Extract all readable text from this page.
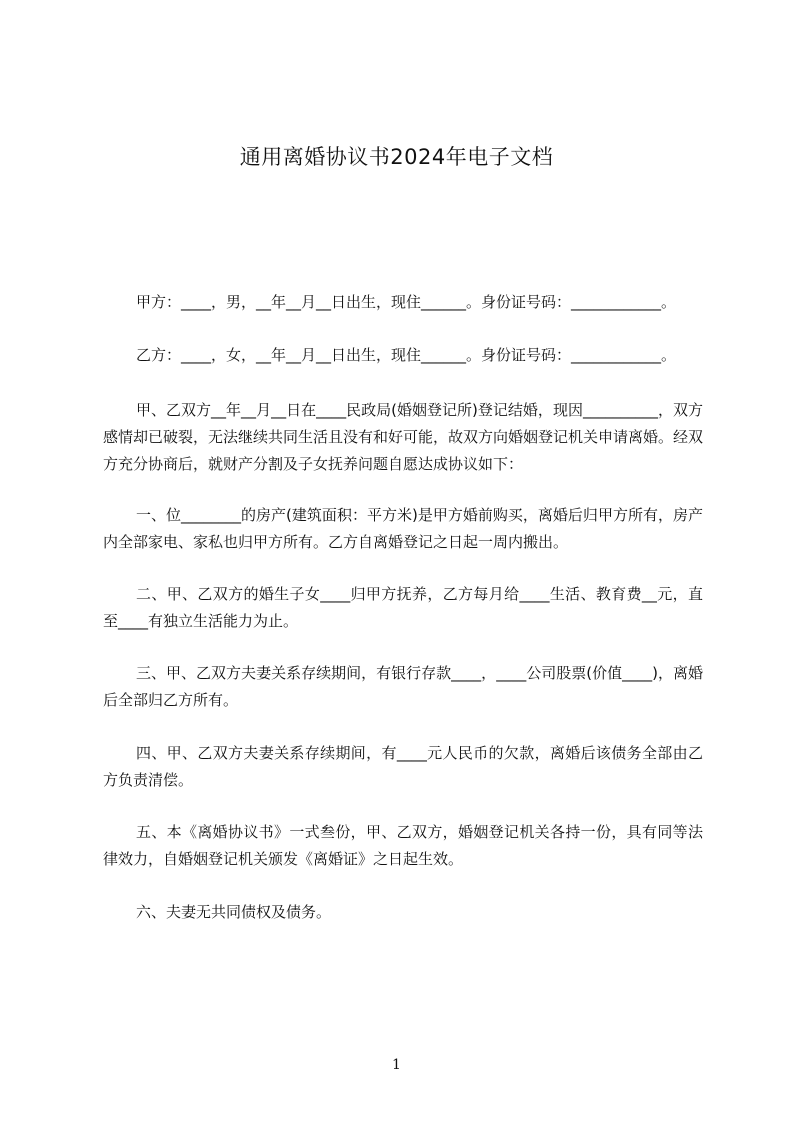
通用离婚协议书2024年电子文档

甲方：____，男，__年__月__日出生，现住______。身份证号码：____________。

乙方：____，女，__年__月__日出生，现住______。身份证号码：____________。

甲、乙双方__年__月__日在____民政局(婚姻登记所)登记结婚，现因__________，双方感情却已破裂，无法继续共同生活且没有和好可能，故双方向婚姻登记机关申请离婚。经双方充分协商后，就财产分割及子女抚养问题自愿达成协议如下：

一、位________的房产(建筑面积：平方米)是甲方婚前购买，离婚后归甲方所有，房产内全部家电、家私也归甲方所有。乙方自离婚登记之日起一周内搬出。

二、甲、乙双方的婚生子女____归甲方抚养，乙方每月给____生活、教育费__元，直至____有独立生活能力为止。

三、甲、乙双方夫妻关系存续期间，有银行存款____，____公司股票(价值____)，离婚后全部归乙方所有。

四、甲、乙双方夫妻关系存续期间，有____元人民币的欠款，离婚后该债务全部由乙方负责清偿。

五、本《离婚协议书》一式叁份，甲、乙双方，婚姻登记机关各持一份，具有同等法律效力，自婚姻登记机关颁发《离婚证》之日起生效。

六、夫妻无共同债权及债务。

1
